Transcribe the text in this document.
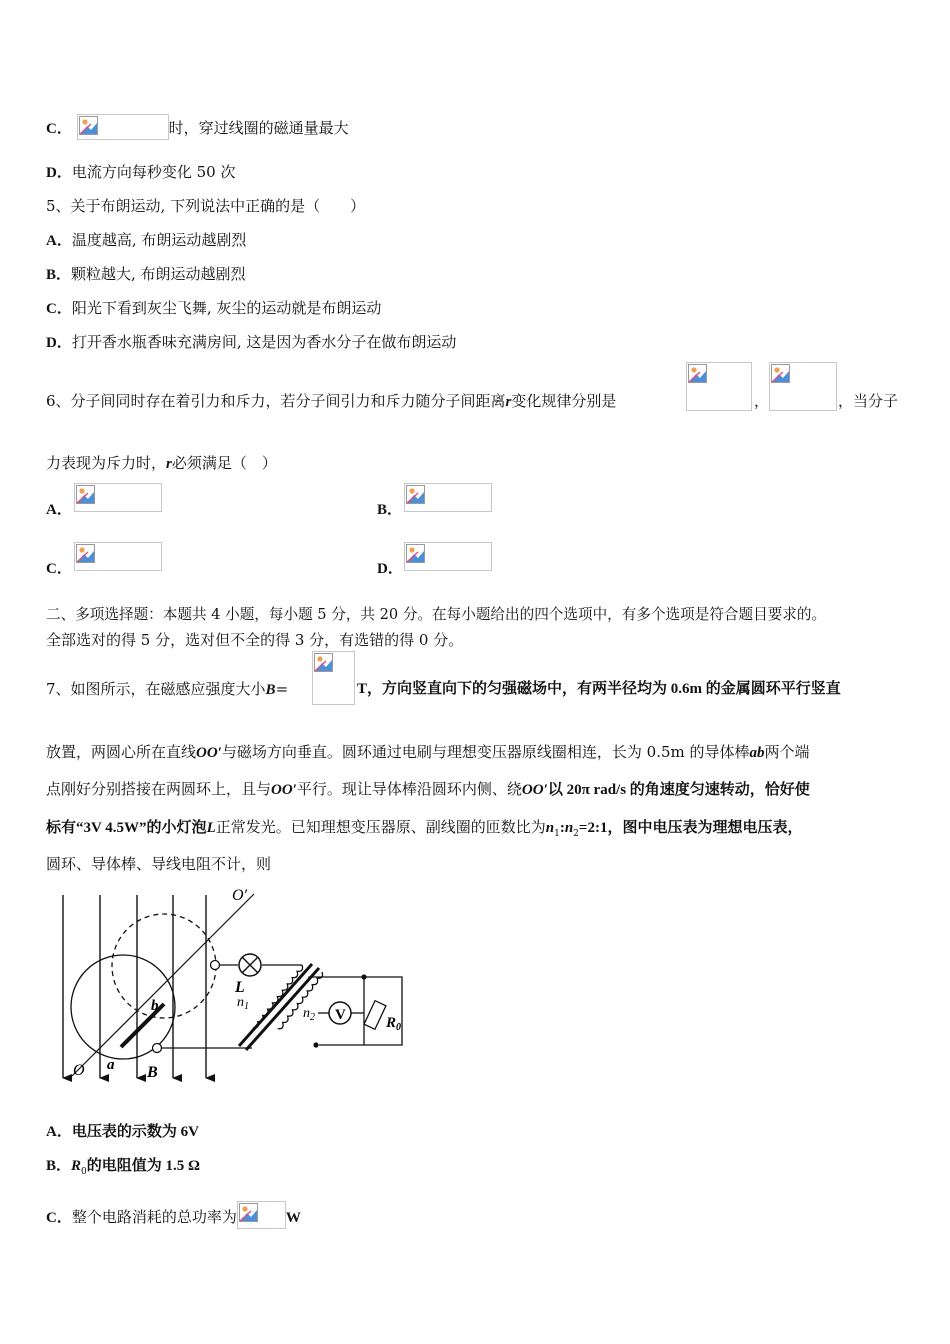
C．	时，穿过线圈的磁通量最大
D．电流方向每秒变化 50 次
5、关于布朗运动, 下列说法中正确的是（　　）
A．温度越高, 布朗运动越剧烈
B．颗粒越大, 布朗运动越剧烈
C．阳光下看到灰尘飞舞, 灰尘的运动就是布朗运动
D．打开香水瓶香味充满房间, 这是因为香水分子在做布朗运动
6、分子间同时存在着引力和斥力，若分子间引力和斥力随分子间距离r变化规律分别是	，	，当分子
力表现为斥力时，r必须满足（　）
A．	B．
C．	D．
二、多项选择题：本题共 4 小题，每小题 5 分，共 20 分。在每小题给出的四个选项中，有多个选项是符合题目要求的。
全部选对的得 5 分，选对但不全的得 3 分，有选错的得 0 分。
7、如图所示，在磁感应强度大小B=	T，方向竖直向下的匀强磁场中，有两半径均为 0.6m 的金属圆环平行竖直
放置，两圆心所在直线OO′与磁场方向垂直。圆环通过电刷与理想变压器原线圈相连，长为 0.5m 的导体棒ab两个端
点刚好分别搭接在两圆环上，且与OO′平行。现让导体棒沿圆环内侧、绕OO′以 20π rad/s 的角速度匀速转动，恰好使
标有“3V 4.5W”的小灯泡L正常发光。已知理想变压器原、副线圈的匝数比为$n_1:n_2=2:1$，图中电压表为理想电压表，
圆环、导体棒、导线电阻不计，则
O′
L
$n_1$	$n_2$ V	$R_0$
b
a
O	B
A．电压表的示数为 6V
B．$R_0$的电阻值为 1.5 Ω
C．整个电路消耗的总功率为	W
